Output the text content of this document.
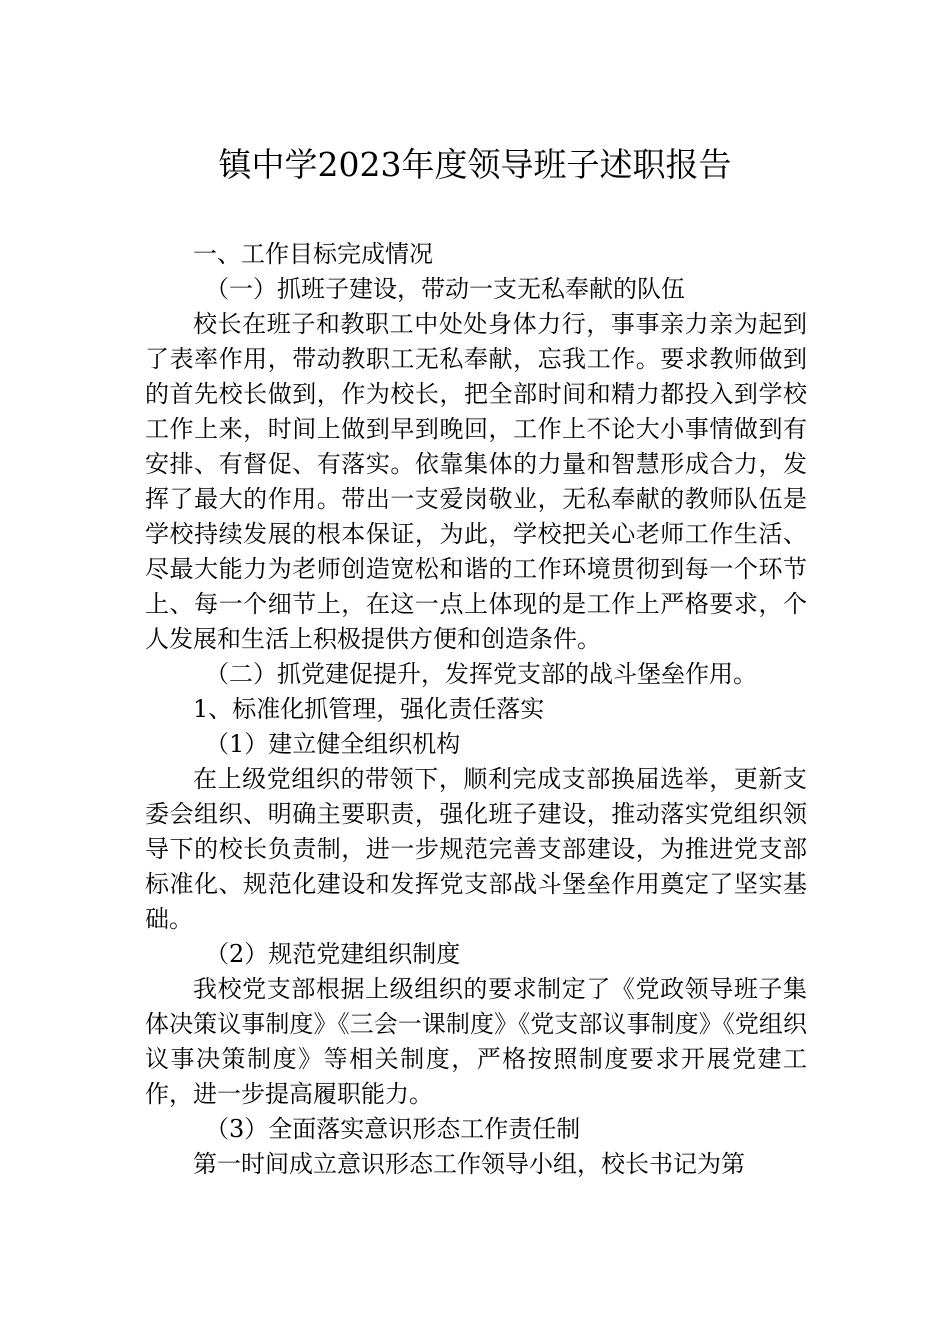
镇中学2023年度领导班子述职报告

一、工作目标完成情况

（一）抓班子建设，带动一支无私奉献的队伍

校长在班子和教职工中处处身体力行，事事亲力亲为起到了表率作用，带动教职工无私奉献，忘我工作。要求教师做到的首先校长做到，作为校长，把全部时间和精力都投入到学校工作上来，时间上做到早到晚回，工作上不论大小事情做到有安排、有督促、有落实。依靠集体的力量和智慧形成合力，发挥了最大的作用。带出一支爱岗敬业，无私奉献的教师队伍是学校持续发展的根本保证，为此，学校把关心老师工作生活、尽最大能力为老师创造宽松和谐的工作环境贯彻到每一个环节上、每一个细节上，在这一点上体现的是工作上严格要求，个人发展和生活上积极提供方便和创造条件。

（二）抓党建促提升，发挥党支部的战斗堡垒作用。

1、标准化抓管理，强化责任落实

（1）建立健全组织机构

在上级党组织的带领下，顺利完成支部换届选举，更新支委会组织、明确主要职责，强化班子建设，推动落实党组织领导下的校长负责制，进一步规范完善支部建设，为推进党支部标准化、规范化建设和发挥党支部战斗堡垒作用奠定了坚实基础。

（2）规范党建组织制度

我校党支部根据上级组织的要求制定了《党政领导班子集体决策议事制度》《三会一课制度》《党支部议事制度》《党组织议事决策制度》等相关制度，严格按照制度要求开展党建工作，进一步提高履职能力。

（3）全面落实意识形态工作责任制

第一时间成立意识形态工作领导小组，校长书记为第
